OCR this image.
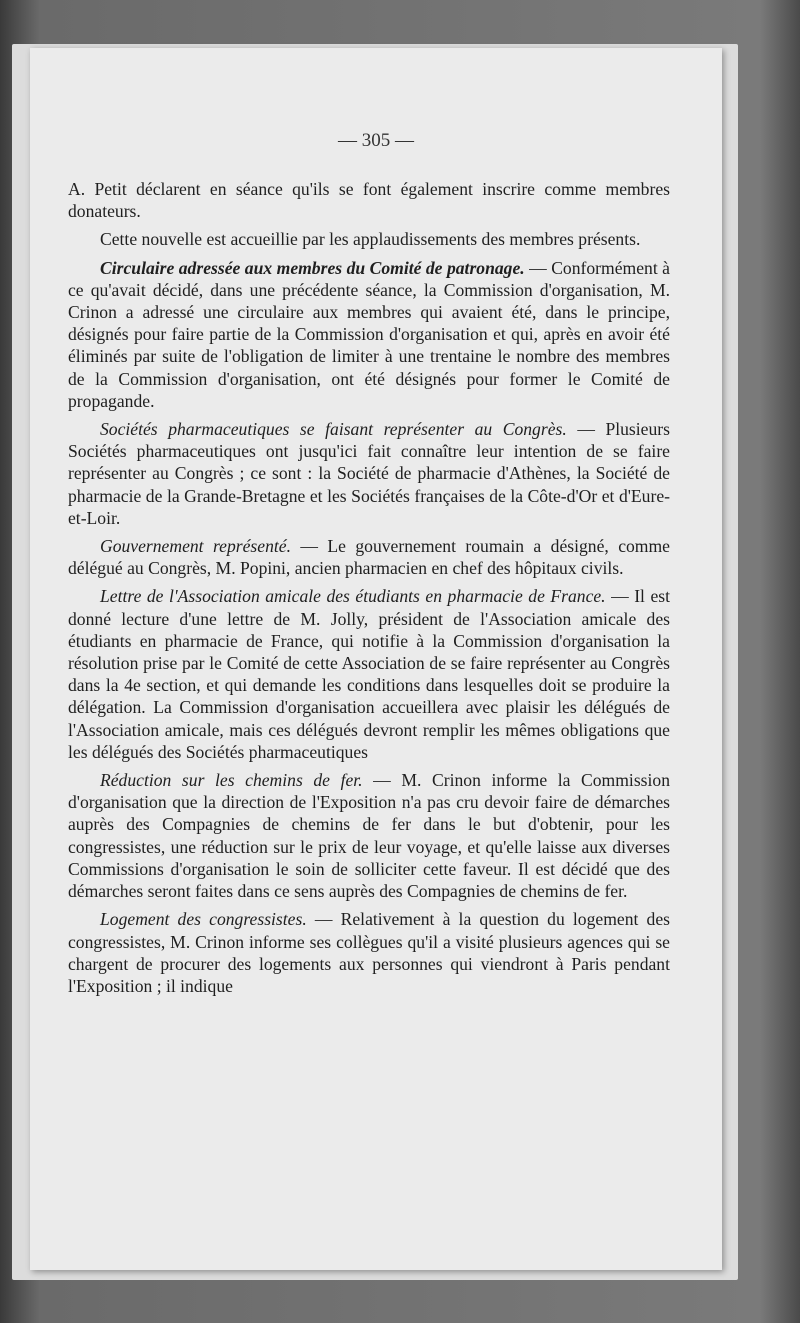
— 305 —

A. Petit déclarent en séance qu'ils se font également inscrire comme membres donateurs.

Cette nouvelle est accueillie par les applaudissements des membres présents.

Circulaire adressée aux membres du Comité de patronage. — Conformément à ce qu'avait décidé, dans une précédente séance, la Commission d'organisation, M. Crinon a adressé une circulaire aux membres qui avaient été, dans le principe, désignés pour faire partie de la Commission d'organisation et qui, après en avoir été éliminés par suite de l'obligation de limiter à une trentaine le nombre des membres de la Commission d'organisation, ont été désignés pour former le Comité de propagande.

Sociétés pharmaceutiques se faisant représenter au Congrès. — Plusieurs Sociétés pharmaceutiques ont jusqu'ici fait connaître leur intention de se faire représenter au Congrès ; ce sont : la Société de pharmacie d'Athènes, la Société de pharmacie de la Grande-Bretagne et les Sociétés françaises de la Côte-d'Or et d'Eure-et-Loir.

Gouvernement représenté. — Le gouvernement roumain a désigné, comme délégué au Congrès, M. Popini, ancien pharmacien en chef des hôpitaux civils.

Lettre de l'Association amicale des étudiants en pharmacie de France. — Il est donné lecture d'une lettre de M. Jolly, président de l'Association amicale des étudiants en pharmacie de France, qui notifie à la Commission d'organisation la résolution prise par le Comité de cette Association de se faire représenter au Congrès dans la 4e section, et qui demande les conditions dans lesquelles doit se produire la délégation. La Commission d'organisation accueillera avec plaisir les délégués de l'Association amicale, mais ces délégués devront remplir les mêmes obligations que les délégués des Sociétés pharmaceutiques

Réduction sur les chemins de fer. — M. Crinon informe la Commission d'organisation que la direction de l'Exposition n'a pas cru devoir faire de démarches auprès des Compagnies de chemins de fer dans le but d'obtenir, pour les congressistes, une réduction sur le prix de leur voyage, et qu'elle laisse aux diverses Commissions d'organisation le soin de solliciter cette faveur. Il est décidé que des démarches seront faites dans ce sens auprès des Compagnies de chemins de fer.

Logement des congressistes. — Relativement à la question du logement des congressistes, M. Crinon informe ses collègues qu'il a visité plusieurs agences qui se chargent de procurer des logements aux personnes qui viendront à Paris pendant l'Exposition ; il indique
